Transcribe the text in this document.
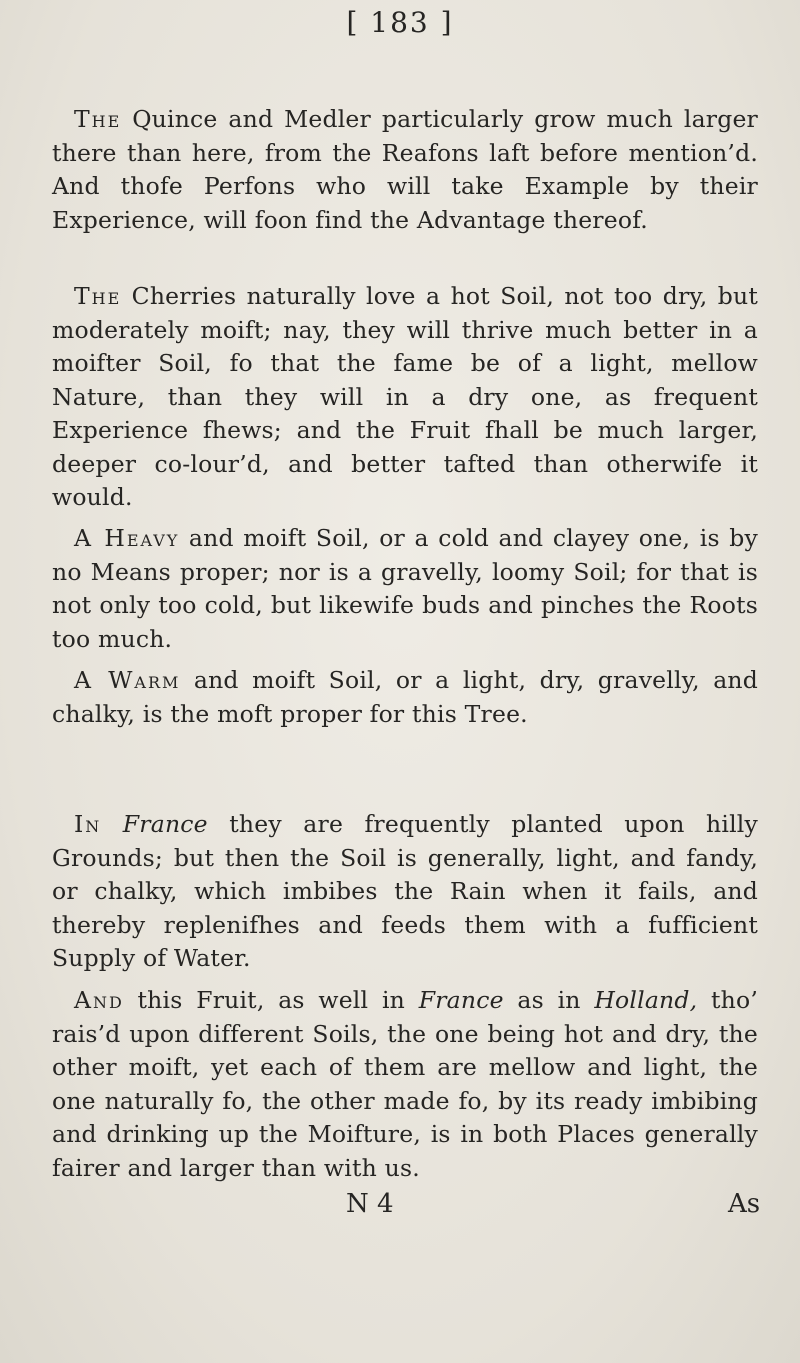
[ 183 ]

The Quince and Medler particularly grow much larger there than here, from the Reafons laft before mention’d. And thofe Perfons who will take Example by their Experience, will foon find the Advantage thereof.

The Cherries naturally love a hot Soil, not too dry, but moderately moift; nay, they will thrive much better in a moifter Soil, fo that the fame be of a light, mellow Nature, than they will in a dry one, as frequent Experience fhews; and the Fruit fhall be much larger, deeper co-lour’d, and better tafted than otherwife it would.

A Heavy and moift Soil, or a cold and clayey one, is by no Means proper; nor is a gravelly, loomy Soil; for that is not only too cold, but likewife buds and pinches the Roots too much.

A Warm and moift Soil, or a light, dry, gravelly, and chalky, is the moft proper for this Tree.

In France they are frequently planted upon hilly Grounds; but then the Soil is generally, light, and fandy, or chalky, which imbibes the Rain when it fails, and thereby replenifhes and feeds them with a fufficient Supply of Water.

And this Fruit, as well in France as in Holland, tho’ rais’d upon different Soils, the one being hot and dry, the other moift, yet each of them are mellow and light, the one naturally fo, the other made fo, by its ready imbibing and drinking up the Moifture, is in both Places generally fairer and larger than with us.

N 4	As
